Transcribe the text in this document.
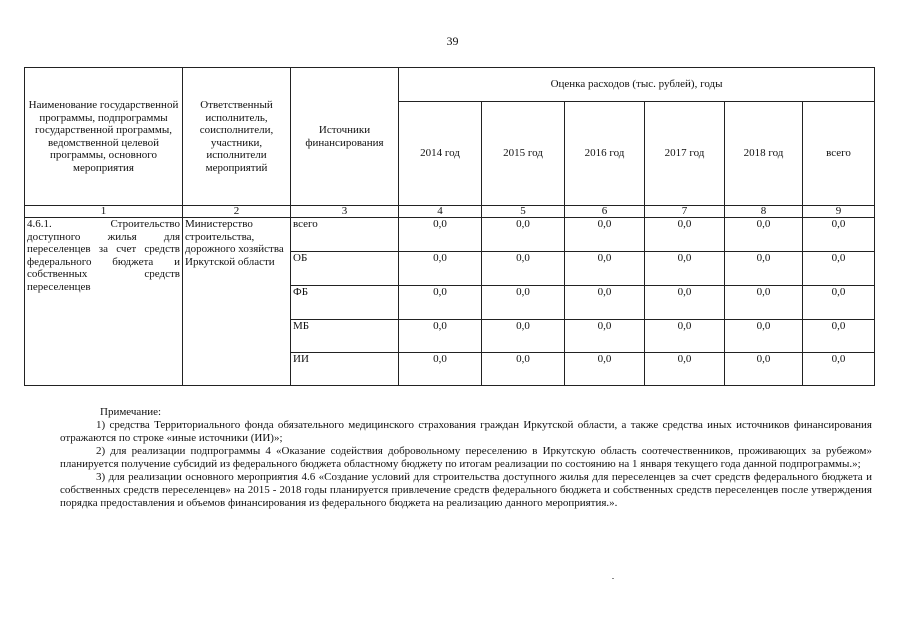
39
Наименование государственной программы, подпрограммы государственной программы, ведомственной целевой программы, основного мероприятия	Ответственный исполнитель, соисполнители, участники, исполнители мероприятий	Источники финансирования	Оценка расходов (тыс. рублей), годы					
			2014 год	2015 год	2016 год	2017 год	2018 год	всего
1	2	3	4	5	6	7	8	9
4.6.1. Строительство доступного жилья для переселенцев за счет средств федерального бюджета и собственных средств переселенцев	Министерство строительства, дорожного хозяйства Иркутской области	всего	0,0	0,0	0,0	0,0	0,0	0,0
		ОБ	0,0	0,0	0,0	0,0	0,0	0,0
		ФБ	0,0	0,0	0,0	0,0	0,0	0,0
		МБ	0,0	0,0	0,0	0,0	0,0	0,0
		ИИ	0,0	0,0	0,0	0,0	0,0	0,0

Примечание:

1) средства Территориального фонда обязательного медицинского страхования граждан Иркутской области, а также средства иных источников финансирования отражаются по строке «иные источники (ИИ)»;

2) для реализации подпрограммы 4 «Оказание содействия добровольному переселению в Иркутскую область соотечественников, проживающих за рубежом» планируется получение субсидий из федерального бюджета областному бюджету по итогам реализации по состоянию на 1 января текущего года данной подпрограммы.»;

3) для реализации основного мероприятия 4.6 «Создание условий для строительства доступного жилья для переселенцев за счет средств федерального бюджета и собственных средств переселенцев» на 2015 - 2018 годы планируется привлечение средств федерального бюджета и собственных средств переселенцев после утверждения порядка предоставления и объемов финансирования из федерального бюджета на реализацию данного мероприятия.».
